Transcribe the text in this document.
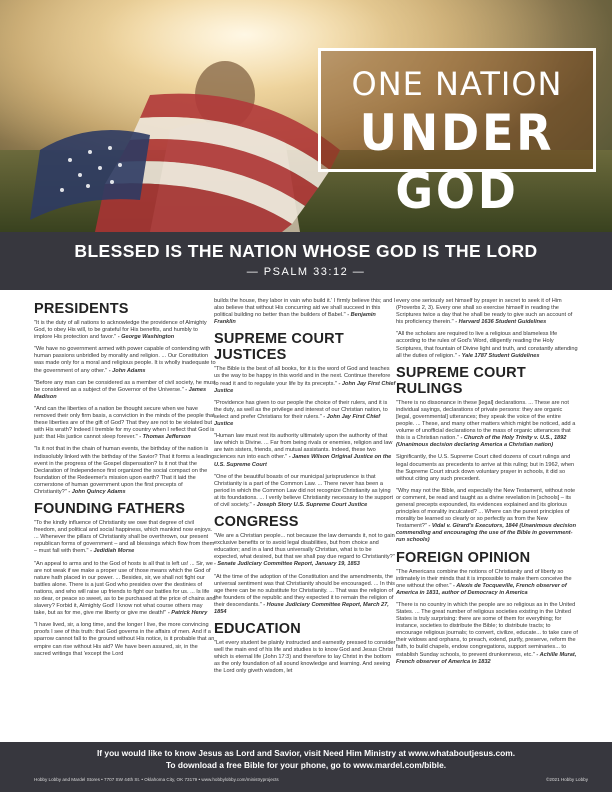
ONE NATION
UNDER GOD
BLESSED IS THE NATION WHOSE GOD IS THE LORD
— PSALM 33:12 —
PRESIDENTS

"It is the duty of all nations to acknowledge the providence of Almighty God, to obey His will, to be grateful for His benefits, and humbly to implore His protection and favor." - George Washington

"We have no government armed with power capable of contending with human passions unbridled by morality and religion. ... Our Constitution was made only for a moral and religious people. It is wholly inadequate to the government of any other." - John Adams

"Before any man can be considered as a member of civil society, he must be considered as a subject of the Governor of the Universe." - James Madison

"And can the liberties of a nation be thought secure when we have removed their only firm basis, a conviction in the minds of the people that these liberties are of the gift of God? That they are not to be violated but with His wrath? Indeed I tremble for my country when I reflect that God is just: that His justice cannot sleep forever." - Thomas Jefferson

"Is it not that in the chain of human events, the birthday of the nation is indissolubly linked with the birthday of the Savior? That it forms a leading event in the progress of the Gospel dispensation? Is it not that the Declaration of Independence first organized the social compact on the foundation of the Redeemer's mission upon earth? That it laid the cornerstone of human government upon the first precepts of Christianity?" - John Quincy Adams

FOUNDING FATHERS

"To the kindly influence of Christianity we owe that degree of civil freedom, and political and social happiness, which mankind now enjoys. ... Whenever the pillars of Christianity shall be overthrown, our present republican forms of government – and all blessings which flow from them – must fall with them." - Jedidiah Morse

"An appeal to arms and to the God of hosts is all that is left us! ... Sir, we are not weak if we make a proper use of those means which the God of nature hath placed in our power. ... Besides, sir, we shall not fight our battles alone. There is a just God who presides over the destinies of nations, and who will raise up friends to fight our battles for us. ... Is life so dear, or peace so sweet, as to be purchased at the price of chains and slavery? Forbid it, Almighty God! I know not what course others may take, but as for me, give me liberty or give me death!" - Patrick Henry

"I have lived, sir, a long time, and the longer I live, the more convincing proofs I see of this truth: that God governs in the affairs of men. And if a sparrow cannot fall to the ground without His notice, is it probable that an empire can rise without His aid? We have been assured, sir, in the sacred writings that 'except the Lord

builds the house, they labor in vain who build it.' I firmly believe this; and I also believe that without His concurring aid we shall succeed in this political building no better than the builders of Babel." - Benjamin Franklin

SUPREME COURT JUSTICES

"The Bible is the best of all books, for it is the word of God and teaches us the way to be happy in this world and in the next. Continue therefore to read it and to regulate your life by its precepts." - John Jay First Chief Justice

"Providence has given to our people the choice of their rulers, and it is the duty, as well as the privilege and interest of our Christian nation, to select and prefer Christians for their rulers." - John Jay First Chief Justice

"Human law must rest its authority ultimately upon the authority of that law which is Divine. ... Far from being rivals or enemies, religion and law are twin sisters, friends, and mutual assistants. Indeed, these two sciences run into each other." - James Wilson Original Justice on the U.S. Supreme Court

"One of the beautiful boasts of our municipal jurisprudence is that Christianity is a part of the Common Law. ... There never has been a period in which the Common Law did not recognize Christianity as lying at its foundations. ... I verily believe Christianity necessary to the support of civil society." - Joseph Story U.S. Supreme Court Justice

CONGRESS

"We are a Christian people... not because the law demands it, not to gain exclusive benefits or to avoid legal disabilities, but from choice and education; and in a land thus universally Christian, what is to be expected, what desired, but that we shall pay due regard to Christianity?" - Senate Judiciary Committee Report, January 19, 1853

"At the time of the adoption of the Constitution and the amendments, the universal sentiment was that Christianity should be encouraged. ... In this age there can be no substitute for Christianity. ... That was the religion of the founders of the republic and they expected it to remain the religion of their descendants." - House Judiciary Committee Report, March 27, 1854

EDUCATION

"Let every student be plainly instructed and earnestly pressed to consider well the main end of his life and studies is to know God and Jesus Christ which is eternal life (John 17:3) and therefore to lay Christ in the bottom as the only foundation of all sound knowledge and learning. And seeing the Lord only giveth wisdom, let

every one seriously set himself by prayer in secret to seek it of Him (Proverbs 2, 3). Every one shall so exercise himself in reading the Scriptures twice a day that he shall be ready to give such an account of his proficiency therein." - Harvard 1636 Student Guidelines

"All the scholars are required to live a religious and blameless life according to the rules of God's Word, diligently reading the Holy Scriptures, that fountain of Divine light and truth, and constantly attending all the duties of religion." - Yale 1787 Student Guidelines

SUPREME COURT RULINGS

"There is no dissonance in these [legal] declarations. ... These are not individual sayings, declarations of private persons: they are organic [legal, governmental] utterances; they speak the voice of the entire people. ... These, and many other matters which might be noticed, add a volume of unofficial declarations to the mass of organic utterances that this is a Christian nation." - Church of the Holy Trinity v. U.S., 1892 (Unanimous decision declaring America a Christian nation)

Significantly, the U.S. Supreme Court cited dozens of court rulings and legal documents as precedents to arrive at this ruling; but in 1962, when the Supreme Court struck down voluntary prayer in schools, it did so without citing any such precedent.

"Why may not the Bible, and especially the New Testament, without note or comment, be read and taught as a divine revelation in [schools] – its general precepts expounded, its evidences explained and its glorious principles of morality inculcated? ... Where can the purest principles of morality be learned so clearly or so perfectly as from the New Testament?" - Vidal v. Girard's Executors, 1844 (Unanimous decision commending and encouraging the use of the Bible in government-run schools)

FOREIGN OPINION

"The Americans combine the notions of Christianity and of liberty so intimately in their minds that it is impossible to make them conceive the one without the other." - Alexis de Tocqueville, French observer of America in 1831, author of Democracy in America

"There is no country in which the people are so religious as in the United States. ... The great number of religious societies existing in the United States is truly surprising: there are some of them for everything; for instance, societies to distribute the Bible; to distribute tracts; to encourage religious journals; to convert, civilize, educate... to take care of their widows and orphans, to preach, extend, purify, preserve, reform the faith, to build chapels, endow congregations, support seminaries... to establish Sunday schools, to prevent drunkenness, etc." - Achille Murat, French observer of America in 1832

If you would like to know Jesus as Lord and Savior, visit Need Him Ministry at www.whataboutjesus.com.
To download a free Bible for your phone, go to www.mardel.com/bible.
Hobby Lobby and Mardel Stores • 7707 SW 44th St. • Oklahoma City, OK 73179 • www.hobbylobby.com/ministryprojects	©2021 Hobby Lobby
